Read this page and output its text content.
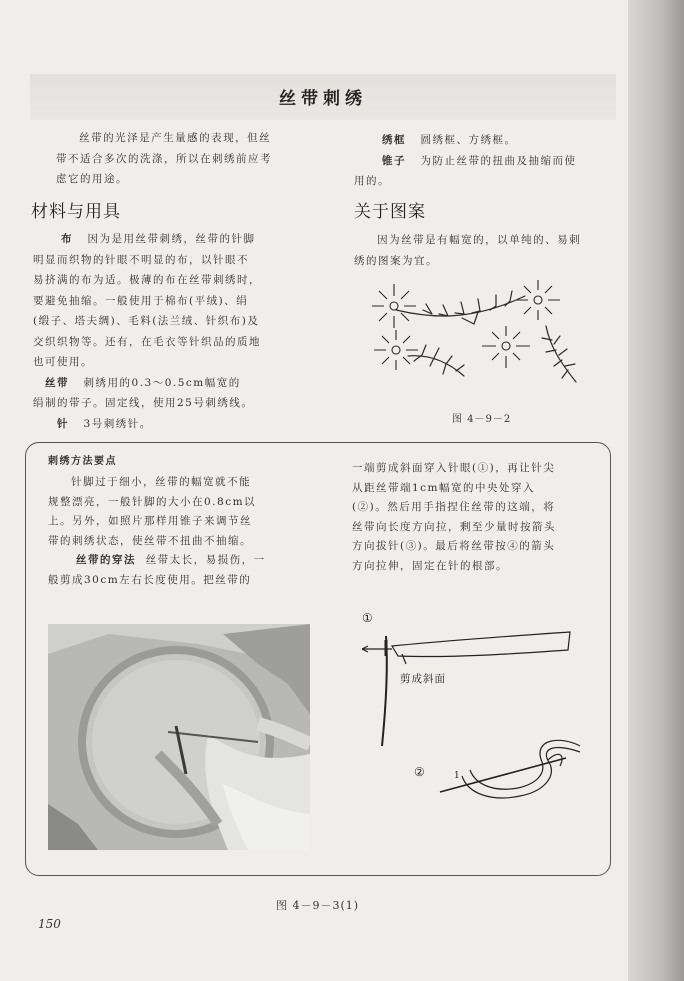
丝带刺绣

丝带的光泽是产生量感的表现，但丝

带不适合多次的洗涤，所以在刺绣前应考

虑它的用途。

材料与用具

布 因为是用丝带刺绣，丝带的针脚

明显而织物的针眼不明显的布，以针眼不

易挤满的布为适。极薄的布在丝带刺绣时，

要避免抽缩。一般使用于棉布(平绒)、绢

(缎子、塔夫绸)、毛料(法兰绒、针织布)及

交织织物等。还有，在毛衣等针织品的质地

也可使用。

丝带 刺绣用的0.3～0.5cm幅宽的

绢制的带子。固定线，使用25号刺绣线。

针 3号刺绣针。

绣框 圆绣框、方绣框。

锥子 为防止丝带的扭曲及抽缩而使

用的。

关于图案

因为丝带是有幅宽的，以单纯的、易刺

绣的图案为宜。

图 4－9－2
刺绣方法要点

针脚过于细小，丝带的幅宽就不能

规整漂亮，一般针脚的大小在0.8cm以

上。另外，如照片那样用锥子来调节丝

带的刺绣状态，使丝带不扭曲不抽缩。

丝带的穿法 丝带太长，易损伤，一

般剪成30cm左右长度使用。把丝带的

一端剪成斜面穿入针眼(①)，再让针尖

从距丝带端1cm幅宽的中央处穿入

(②)。然后用手指捏住丝带的这端，将

丝带向长度方向拉，剩至少量时按箭头

方向拔针(③)。最后将丝带按④的箭头

方向拉伸，固定在针的根部。

①
剪成斜面
②	1
图 4－9－3(1)
150
